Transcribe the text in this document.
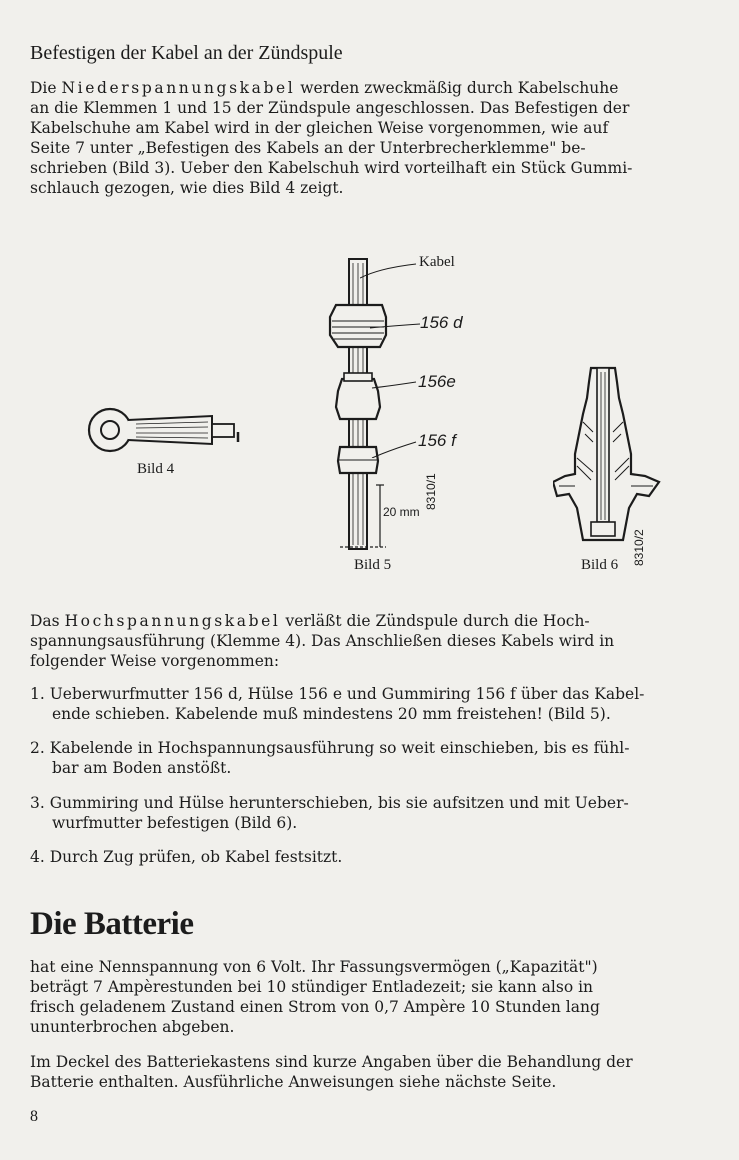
Befestigen der Kabel an der Zündspule

Die Niederspannungskabel werden zweckmäßig durch Kabelschuhe

an die Klemmen 1 und 15 der Zündspule angeschlossen. Das Befestigen der

Kabelschuhe am Kabel wird in der gleichen Weise vorgenommen, wie auf

Seite 7 unter „Befestigen des Kabels an der Unterbrecherklemme" be-

schrieben (Bild 3). Ueber den Kabelschuh wird vorteilhaft ein Stück Gummi-

schlauch gezogen, wie dies Bild 4 zeigt.

Bild 4
Kabel
156 d
156e
156 f
20 mm
8310/1
Bild 5	8310/2
Bild 6

Das Hochspannungskabel verläßt die Zündspule durch die Hoch-

spannungsausführung (Klemme 4). Das Anschließen dieses Kabels wird in

folgender Weise vorgenommen:

1. Ueberwurfmutter 156 d, Hülse 156 e und Gummiring 156 f über das Kabel-

ende schieben. Kabelende muß mindestens 20 mm freistehen! (Bild 5).

2. Kabelende in Hochspannungsausführung so weit einschieben, bis es fühl-

bar am Boden anstößt.

3. Gummiring und Hülse herunterschieben, bis sie aufsitzen und mit Ueber-

wurfmutter befestigen (Bild 6).

4. Durch Zug prüfen, ob Kabel festsitzt.

Die Batterie

hat eine Nennspannung von 6 Volt. Ihr Fassungsvermögen („Kapazität")

beträgt 7 Ampèrestunden bei 10 stündiger Entladezeit; sie kann also in

frisch geladenem Zustand einen Strom von 0,7 Ampère 10 Stunden lang

ununterbrochen abgeben.

Im Deckel des Batteriekastens sind kurze Angaben über die Behandlung der

Batterie enthalten. Ausführliche Anweisungen siehe nächste Seite.

8
